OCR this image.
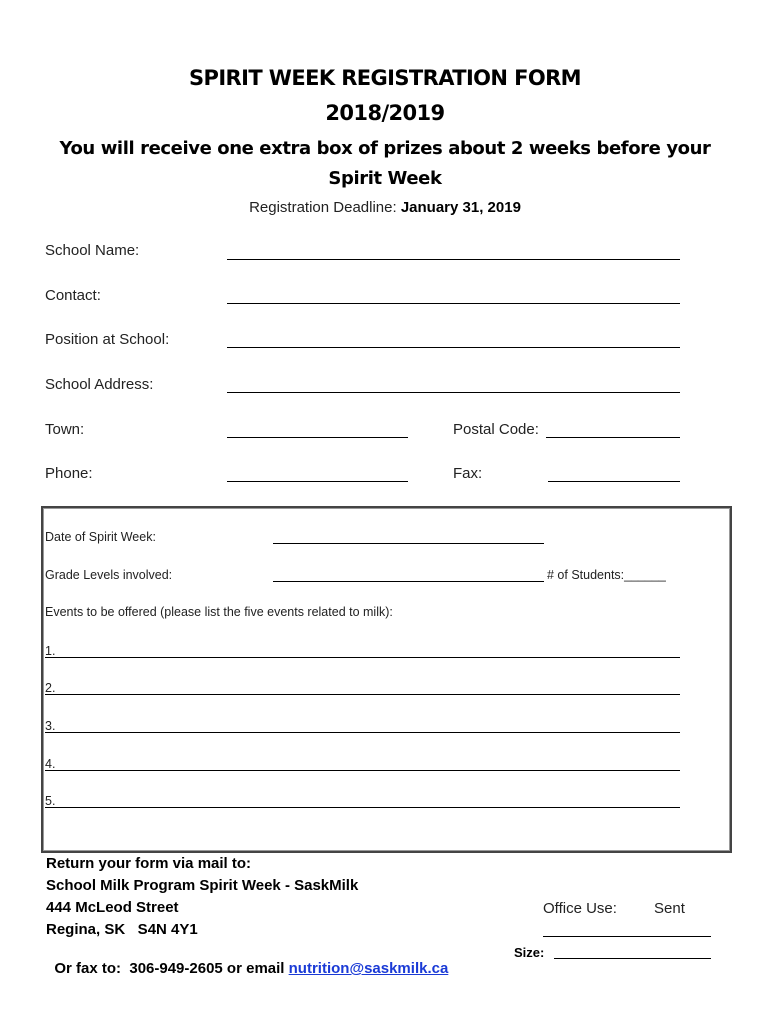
SPIRIT WEEK REGISTRATION FORM
2018/2019
You will receive one extra box of prizes about 2 weeks before your
Spirit Week
Registration Deadline: January 31, 2019
School Name:
Contact:
Position at School:
School Address:
Town:	Postal Code:
Phone:	Fax:
Date of Spirit Week:
Grade Levels involved:	# of Students:______
Events to be offered (please list the five events related to milk):
1.
2.
3.
4.
5.
Return your form via mail to:
School Milk Program Spirit Week - SaskMilk
444 McLeod Street
Regina, SK   S4N 4Y1

Or fax to:  306-949-2605 or email nutrition@saskmilk.ca

Office Use: Sent
Size:
